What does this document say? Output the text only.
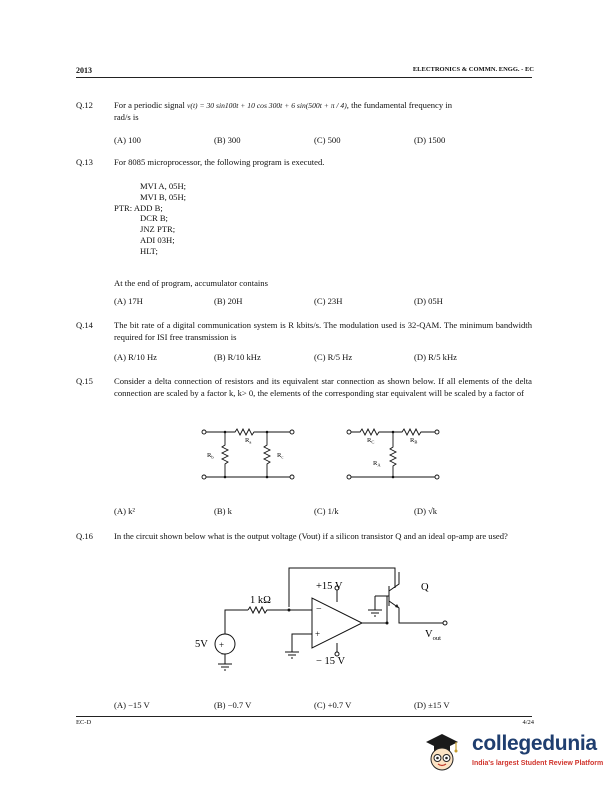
2013	ELECTRONICS & COMMN. ENGG. - EC
Q.12 For a periodic signal v(t) = 30 sin100t + 10 cos 300t + 6 sin(500t + π / 4), the fundamental frequency in
rad/s is
(A) 100	(B) 300	(C) 500	(D) 1500
Q.13 For 8085 microprocessor, the following program is executed.
MVI A, 05H;
MVI B, 05H;
PTR: ADD B;
DCR B;
JNZ PTR;
ADI 03H;
HLT;
At the end of program, accumulator contains
(A) 17H	(B) 20H	(C) 23H	(D) 05H
Q.14 The bit rate of a digital communication system is R kbits/s. The modulation used is 32-QAM. The minimum bandwidth required for ISI free transmission is
(A) R/10 Hz	(B) R/10 kHz	(C) R/5 Hz	(D) R/5 kHz
Q.15 Consider a delta connection of resistors and its equivalent star connection as shown below. If all elements of the delta connection are scaled by a factor k, k> 0, the elements of the corresponding star equivalent will be scaled by a factor of
$R_a$
$R_b$	$R_c$
$R_C$	$R_B$
$R_A$
(A) k²	(B) k	(C) 1/k	(D) √k
Q.16 In the circuit shown below what is the output voltage (Vout) if a silicon transistor Q and an ideal op-amp are used?
+
−
−
+
+15 V
− 15 V
1 kΩ
5V
Q
$V_{out}$
(A) −15 V	(B) −0.7 V	(C) +0.7 V	(D) ±15 V
EC-D	4/24
collegedunia
India's largest Student Review Platform
